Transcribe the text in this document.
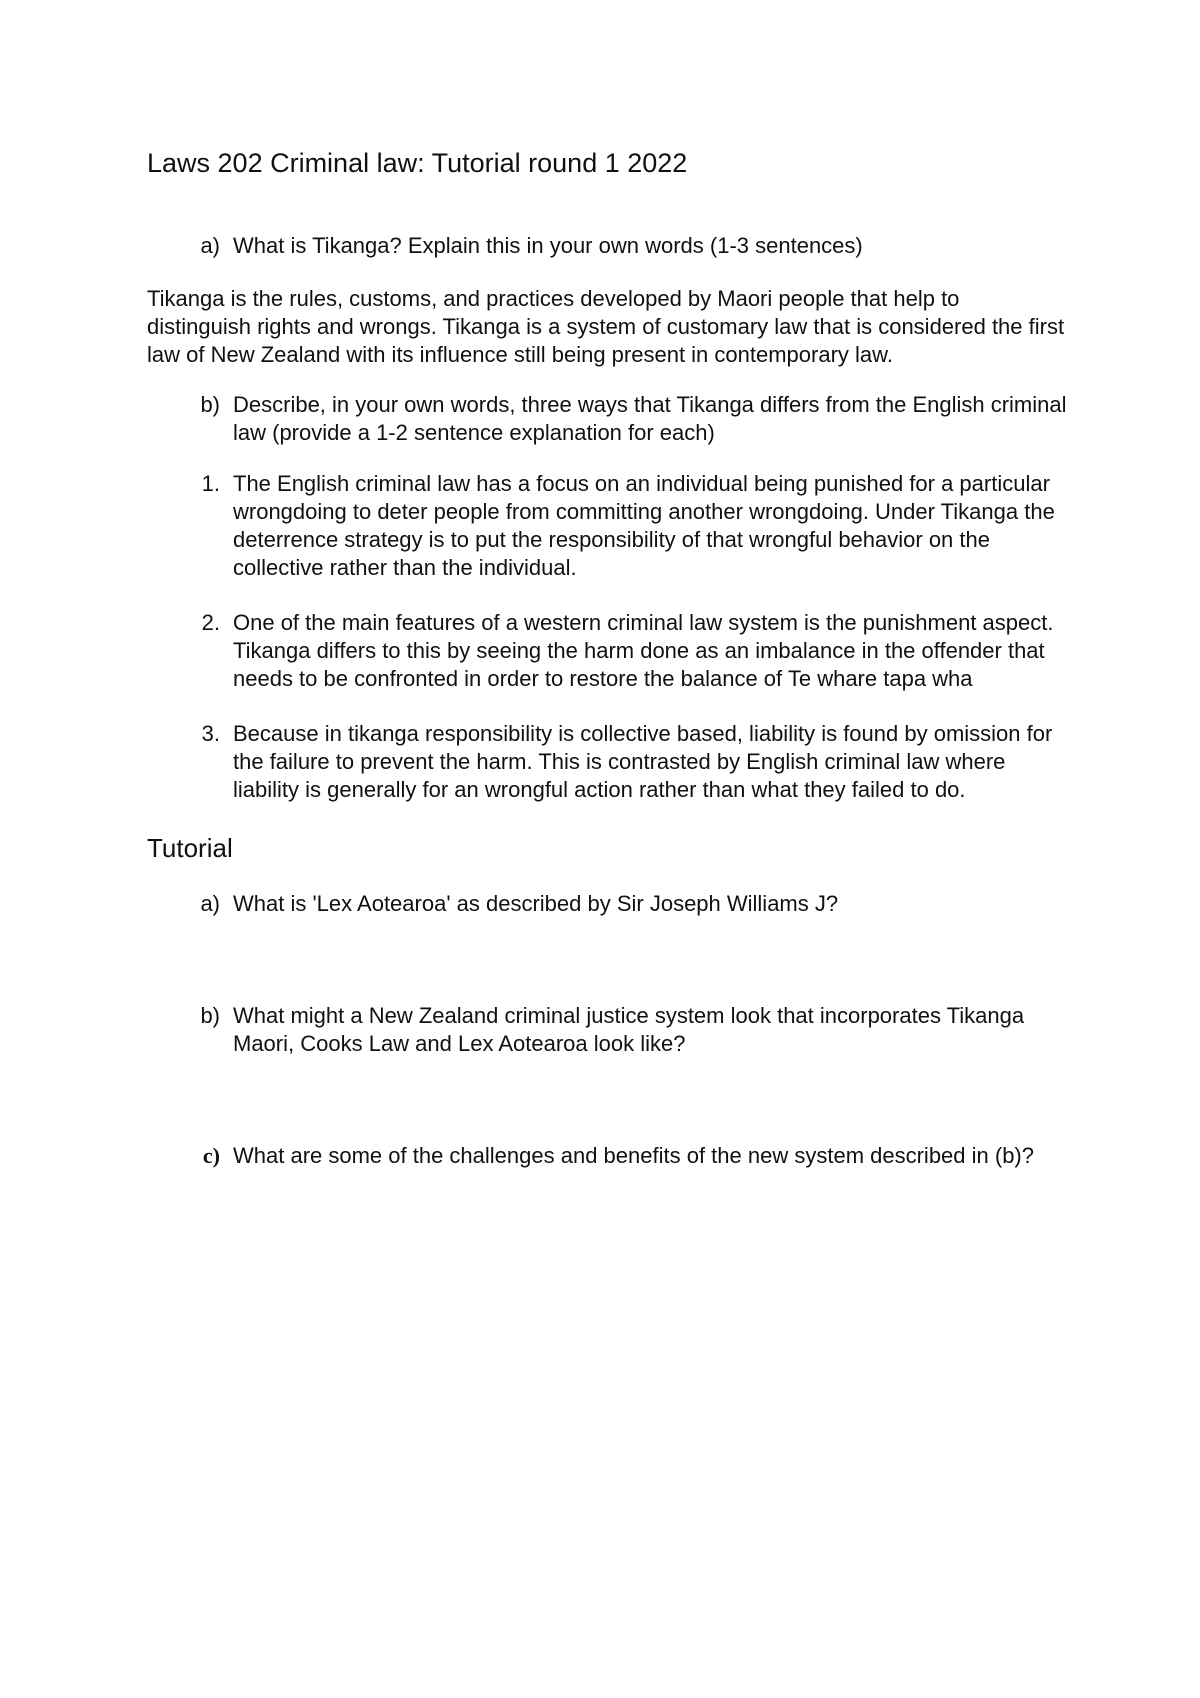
Laws 202 Criminal law: Tutorial round 1 2022
a) What is Tikanga? Explain this in your own words (1-3 sentences)

Tikanga is the rules, customs, and practices developed by Maori people that help to distinguish rights and wrongs. Tikanga is a system of customary law that is considered the first law of New Zealand with its influence still being present in contemporary law.

b) Describe, in your own words, three ways that Tikanga differs from the English criminal law (provide a 1-2 sentence explanation for each)
1. The English criminal law has a focus on an individual being punished for a particular wrongdoing to deter people from committing another wrongdoing. Under Tikanga the deterrence strategy is to put the responsibility of that wrongful behavior on the collective rather than the individual.
2. One of the main features of a western criminal law system is the punishment aspect. Tikanga differs to this by seeing the harm done as an imbalance in the offender that needs to be confronted in order to restore the balance of Te whare tapa wha
3. Because in tikanga responsibility is collective based, liability is found by omission for the failure to prevent the harm. This is contrasted by English criminal law where liability is generally for an wrongful action rather than what they failed to do.
Tutorial
a) What is 'Lex Aotearoa' as described by Sir Joseph Williams J?
b) What might a New Zealand criminal justice system look that incorporates Tikanga Maori, Cooks Law and Lex Aotearoa look like?
c) What are some of the challenges and benefits of the new system described in (b)?
